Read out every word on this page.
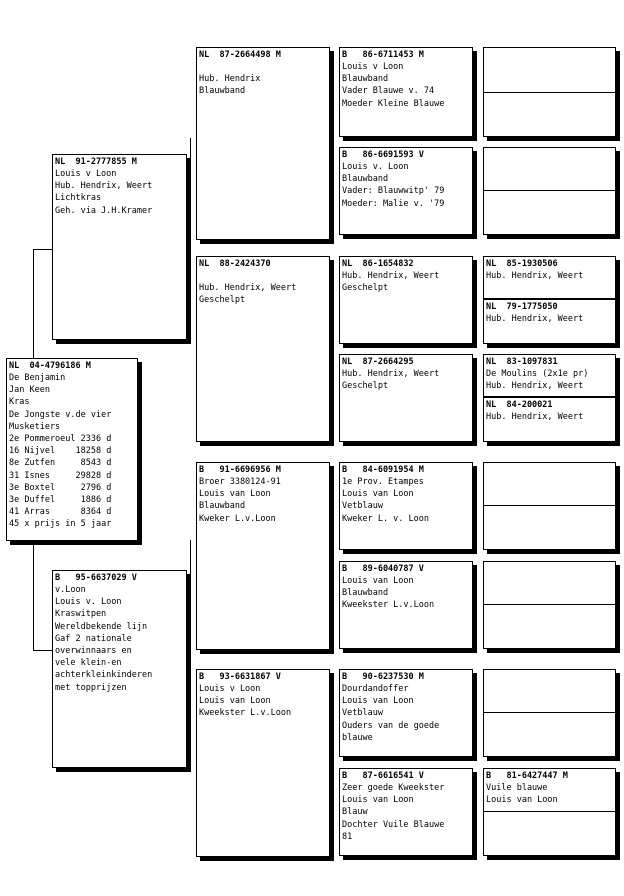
NL  04-4796186 M
De Benjamin
Jan Keen
Kras
De Jongste v.de vier
Musketiers
2e Pommeroeul 2336 d
16 Nijvel    18258 d
8e Zutfen     8543 d
31 Isnes     29828 d
3e Boxtel     2796 d
3e Duffel     1886 d
41 Arras      8364 d
45 x prijs in 5 jaar
NL  91-2777855 M
Louis v Loon
Hub. Hendrix, Weert
Lichtkras
Geh. via J.H.Kramer
B   95-6637029 V
v.Loon
Louis v. Loon
Kraswitpen
Wereldbekende lijn
Gaf 2 nationale
overwinnaars en
vele klein-en
achterkleinkinderen
met topprijzen
NL  87-2664498 M
Hub. Hendrix
Blauwband
NL  88-2424370
Hub. Hendrix, Weert
Geschelpt
B   91-6696956 M
Broer 3380124-91
Louis van Loon
Blauwband
Kweker L.v.Loon
B   93-6631867 V
Louis v Loon
Louis van Loon
Kweekster L.v.Loon
B   86-6711453 M
Louis v Loon
Blauwband
Vader Blauwe v. 74
Moeder Kleine Blauwe
B   86-6691593 V
Louis v. Loon
Blauwband
Vader: Blauwwitp' 79
Moeder: Malie v. '79
NL  86-1654832
Hub. Hendrix, Weert
Geschelpt
NL  87-2664295
Hub. Hendrix, Weert
Geschelpt
B   84-6091954 M
1e Prov. Etampes
Louis van Loon
Vetblauw
Kweker L. v. Loon
B   89-6040787 V
Louis van Loon
Blauwband
Kweekster L.v.Loon
B   90-6237530 M
Dourdandoffer
Louis van Loon
Vetblauw
Ouders van de goede
blauwe
B   87-6616541 V
Zeer goede Kweekster
Louis van Loon
Blauw
Dochter Vuile Blauwe
81
NL  85-1930506
Hub. Hendrix, Weert
NL  79-1775050
Hub. Hendrix, Weert
NL  83-1097831
De Moulins (2x1e pr)
Hub. Hendrix, Weert
NL  84-200021
Hub. Hendrix, Weert
B   81-6427447 M
Vuile blauwe
Louis van Loon
